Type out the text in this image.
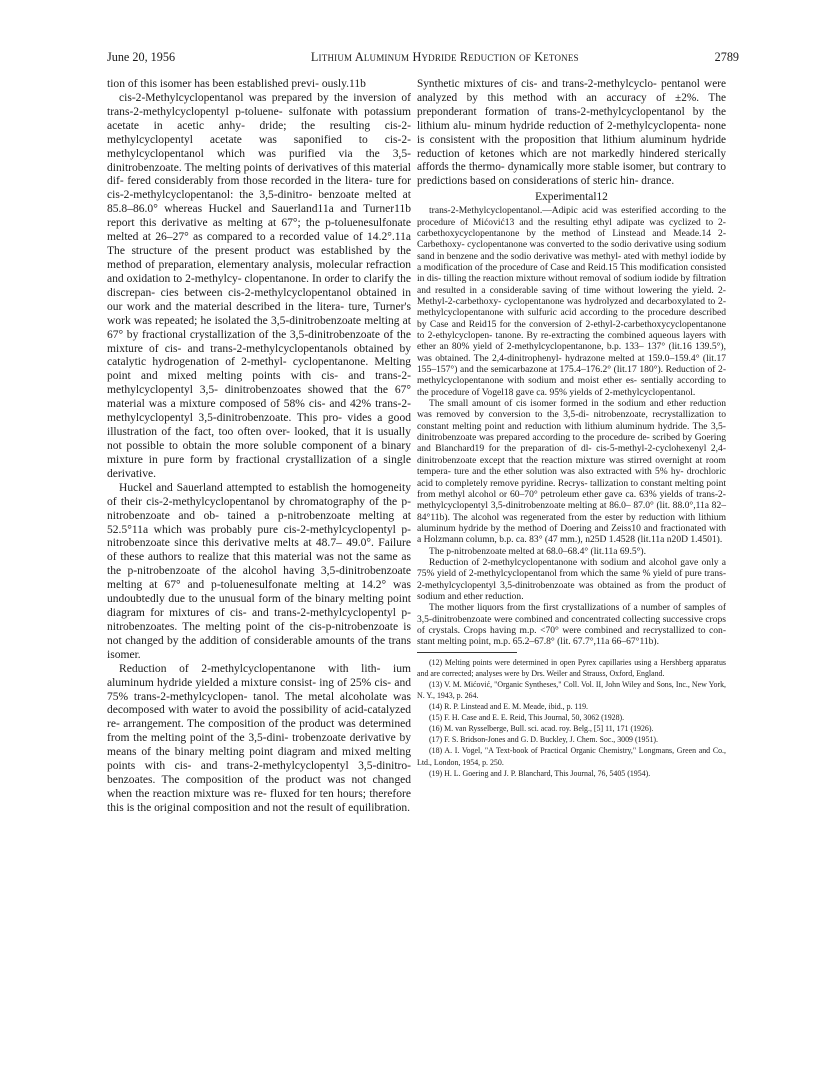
June 20, 1956	Lithium Aluminum Hydride Reduction of Ketones	2789

tion of this isomer has been established previ- ously.11b

cis-2-Methylcyclopentanol was prepared by the inversion of trans-2-methylcyclopentyl p-toluene- sulfonate with potassium acetate in acetic anhy- dride; the resulting cis-2-methylcyclopentyl acetate was saponified to cis-2-methylcyclopentanol which was purified via the 3,5-dinitrobenzoate. The melting points of derivatives of this material dif- fered considerably from those recorded in the litera- ture for cis-2-methylcyclopentanol: the 3,5-dinitro- benzoate melted at 85.8–86.0° whereas Huckel and Sauerland11a and Turner11b report this derivative as melting at 67°; the p-toluenesulfonate melted at 26–27° as compared to a recorded value of 14.2°.11a The structure of the present product was established by the method of preparation, elementary analysis, molecular refraction and oxidation to 2-methylcy- clopentanone. In order to clarify the discrepan- cies between cis-2-methylcyclopentanol obtained in our work and the material described in the litera- ture, Turner's work was repeated; he isolated the 3,5-dinitrobenzoate melting at 67° by fractional crystallization of the 3,5-dinitrobenzoate of the mixture of cis- and trans-2-methylcyclopentanols obtained by catalytic hydrogenation of 2-methyl- cyclopentanone. Melting point and mixed melting points with cis- and trans-2-methylcyclopentyl 3,5- dinitrobenzoates showed that the 67° material was a mixture composed of 58% cis- and 42% trans-2- methylcyclopentyl 3,5-dinitrobenzoate. This pro- vides a good illustration of the fact, too often over- looked, that it is usually not possible to obtain the more soluble component of a binary mixture in pure form by fractional crystallization of a single derivative.

Huckel and Sauerland attempted to establish the homogeneity of their cis-2-methylcyclopentanol by chromatography of the p-nitrobenzoate and ob- tained a p-nitrobenzoate melting at 52.5°11a which was probably pure cis-2-methylcyclopentyl p- nitrobenzoate since this derivative melts at 48.7– 49.0°. Failure of these authors to realize that this material was not the same as the p-nitrobenzoate of the alcohol having 3,5-dinitrobenzoate melting at 67° and p-toluenesulfonate melting at 14.2° was undoubtedly due to the unusual form of the binary melting point diagram for mixtures of cis- and trans-2-methylcyclopentyl p-nitrobenzoates. The melting point of the cis-p-nitrobenzoate is not changed by the addition of considerable amounts of the trans isomer.

Reduction of 2-methylcyclopentanone with lith- ium aluminum hydride yielded a mixture consist- ing of 25% cis- and 75% trans-2-methylcyclopen- tanol. The metal alcoholate was decomposed with water to avoid the possibility of acid-catalyzed re- arrangement. The composition of the product was determined from the melting point of the 3,5-dini- trobenzoate derivative by means of the binary melting point diagram and mixed melting points with cis- and trans-2-methylcyclopentyl 3,5-dinitro- benzoates. The composition of the product was not changed when the reaction mixture was re- fluxed for ten hours; therefore this is the original composition and not the result of equilibration.

Synthetic mixtures of cis- and trans-2-methylcyclo- pentanol were analyzed by this method with an accuracy of ±2%. The preponderant formation of trans-2-methylcyclopentanol by the lithium alu- minum hydride reduction of 2-methylcyclopenta- none is consistent with the proposition that lithium aluminum hydride reduction of ketones which are not markedly hindered sterically affords the thermo- dynamically more stable isomer, but contrary to predictions based on considerations of steric hin- drance.

Experimental12

trans-2-Methylcyclopentanol.—Adipic acid was esterified according to the procedure of Mićović13 and the resulting ethyl adipate was cyclized to 2-carbethoxycyclopentanone by the method of Linstead and Meade.14 2-Carbethoxy- cyclopentanone was converted to the sodio derivative using sodium sand in benzene and the sodio derivative was methyl- ated with methyl iodide by a modification of the procedure of Case and Reid.15 This modification consisted in dis- tilling the reaction mixture without removal of sodium iodide by filtration and resulted in a considerable saving of time without lowering the yield. 2-Methyl-2-carbethoxy- cyclopentanone was hydrolyzed and decarboxylated to 2- methylcyclopentanone with sulfuric acid according to the procedure described by Case and Reid15 for the conversion of 2-ethyl-2-carbethoxycyclopentanone to 2-ethylcyclopen- tanone. By re-extracting the combined aqueous layers with ether an 80% yield of 2-methylcyclopentanone, b.p. 133– 137° (lit.16 139.5°), was obtained. The 2,4-dinitrophenyl- hydrazone melted at 159.0–159.4° (lit.17 155–157°) and the semicarbazone at 175.4–176.2° (lit.17 180°). Reduction of 2-methylcyclopentanone with sodium and moist ether es- sentially according to the procedure of Vogel18 gave ca. 95% yields of 2-methylcyclopentanol.

The small amount of cis isomer formed in the sodium and ether reduction was removed by conversion to the 3,5-di- nitrobenzoate, recrystallization to constant melting point and reduction with lithium aluminum hydride. The 3,5- dinitrobenzoate was prepared according to the procedure de- scribed by Goering and Blanchard19 for the preparation of dl- cis-5-methyl-2-cyclohexenyl 2,4-dinitrobenzoate except that the reaction mixture was stirred overnight at room tempera- ture and the ether solution was also extracted with 5% hy- drochloric acid to completely remove pyridine. Recrys- tallization to constant melting point from methyl alcohol or 60–70° petroleum ether gave ca. 63% yields of trans-2- methylcyclopentyl 3,5-dinitrobenzoate melting at 86.0– 87.0° (lit. 88.0°,11a 82–84°11b). The alcohol was regenerated from the ester by reduction with lithium aluminum hydride by the method of Doering and Zeiss10 and fractionated with a Holzmann column, b.p. ca. 83° (47 mm.), n25D 1.4528 (lit.11a n20D 1.4501).

The p-nitrobenzoate melted at 68.0–68.4° (lit.11a 69.5°).

Reduction of 2-methylcyclopentanone with sodium and alcohol gave only a 75% yield of 2-methylcyclopentanol from which the same % yield of pure trans-2-methylcyclopentyl 3,5-dinitrobenzoate was obtained as from the product of sodium and ether reduction.

The mother liquors from the first crystallizations of a number of samples of 3,5-dinitrobenzoate were combined and concentrated collecting successive crops of crystals. Crops having m.p. <70° were combined and recrystallized to con- stant melting point, m.p. 65.2–67.8° (lit. 67.7°,11a 66–67°11b).

(12) Melting points were determined in open Pyrex capillaries using a Hershberg apparatus and are corrected; analyses were by Drs. Weiler and Strauss, Oxford, England.

(13) V. M. Mićović, "Organic Syntheses," Coll. Vol. II, John Wiley and Sons, Inc., New York, N. Y., 1943, p. 264.

(14) R. P. Linstead and E. M. Meade, ibid., p. 119.

(15) F. H. Case and E. E. Reid, This Journal, 50, 3062 (1928).

(16) M. van Rysselberge, Bull. sci. acad. roy. Belg., [5] 11, 171 (1926).

(17) F. S. Bridson-Jones and G. D. Buckley, J. Chem. Soc., 3009 (1951).

(18) A. I. Vogel, "A Text-book of Practical Organic Chemistry," Longmans, Green and Co., Ltd., London, 1954, p. 250.

(19) H. L. Goering and J. P. Blanchard, This Journal, 76, 5405 (1954).
